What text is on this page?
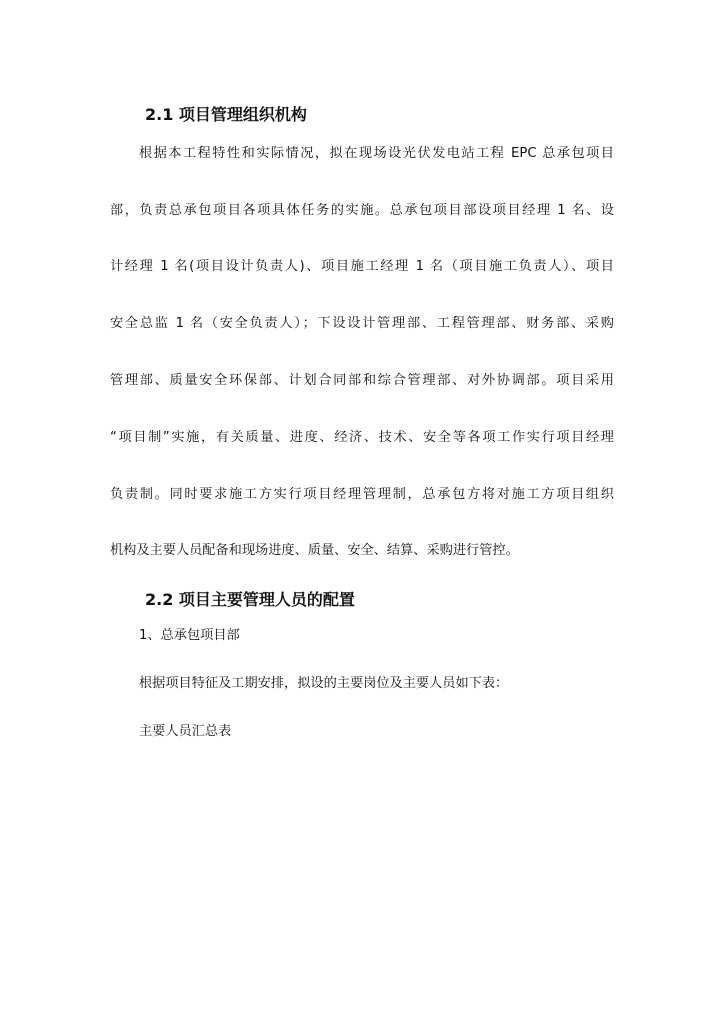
2.1 项目管理组织机构
根据本工程特性和实际情况，拟在现场设光伏发电站工程 EPC 总承包项目
部，负责总承包项目各项具体任务的实施。总承包项目部设项目经理 1 名、设
计经理 1 名(项目设计负责人)、项目施工经理 1 名（项目施工负责人）、项目
安全总监 1 名（安全负责人）；下设设计管理部、工程管理部、财务部、采购
管理部、质量安全环保部、计划合同部和综合管理部、对外协调部。项目采用
“项目制”实施，有关质量、进度、经济、技术、安全等各项工作实行项目经理
负责制。同时要求施工方实行项目经理管理制，总承包方将对施工方项目组织
机构及主要人员配备和现场进度、质量、安全、结算、采购进行管控。
2.2 项目主要管理人员的配置
1、总承包项目部
根据项目特征及工期安排，拟设的主要岗位及主要人员如下表：
主要人员汇总表
